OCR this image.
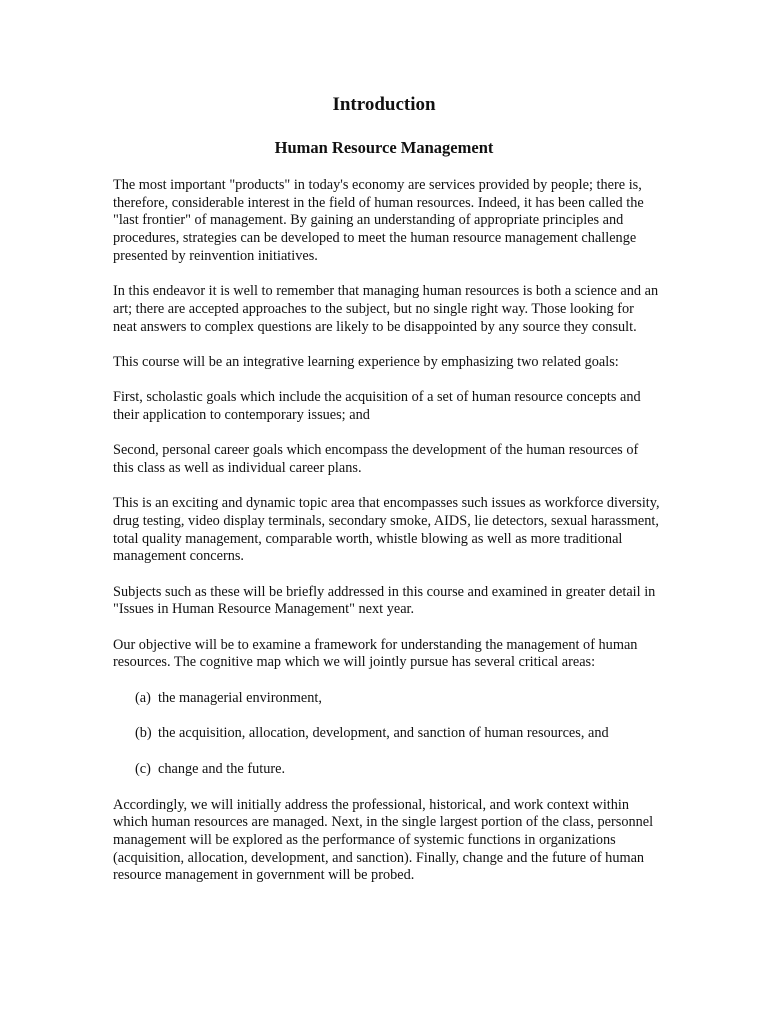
Introduction
Human Resource Management

The most important "products" in today's economy are services provided by people; there is, therefore, considerable interest in the field of human resources. Indeed, it has been called the "last frontier" of management. By gaining an understanding of appropriate principles and procedures, strategies can be developed to meet the human resource management challenge presented by reinvention initiatives.

In this endeavor it is well to remember that managing human resources is both a science and an art; there are accepted approaches to the subject, but no single right way. Those looking for neat answers to complex questions are likely to be disappointed by any source they consult.

This course will be an integrative learning experience by emphasizing two related goals:

First, scholastic goals which include the acquisition of a set of human resource concepts and their application to contemporary issues; and

Second, personal career goals which encompass the development of the human resources of this class as well as individual career plans.

This is an exciting and dynamic topic area that encompasses such issues as workforce diversity, drug testing, video display terminals, secondary smoke, AIDS, lie detectors, sexual harassment, total quality management, comparable worth, whistle blowing as well as more traditional management concerns.

Subjects such as these will be briefly addressed in this course and examined in greater detail in "Issues in Human Resource Management" next year.

Our objective will be to examine a framework for understanding the management of human resources. The cognitive map which we will jointly pursue has several critical areas:

(a) the managerial environment,
(b) the acquisition, allocation, development, and sanction of human resources, and
(c) change and the future.

Accordingly, we will initially address the professional, historical, and work context within which human resources are managed. Next, in the single largest portion of the class, personnel management will be explored as the performance of systemic functions in organizations (acquisition, allocation, development, and sanction). Finally, change and the future of human resource management in government will be probed.
